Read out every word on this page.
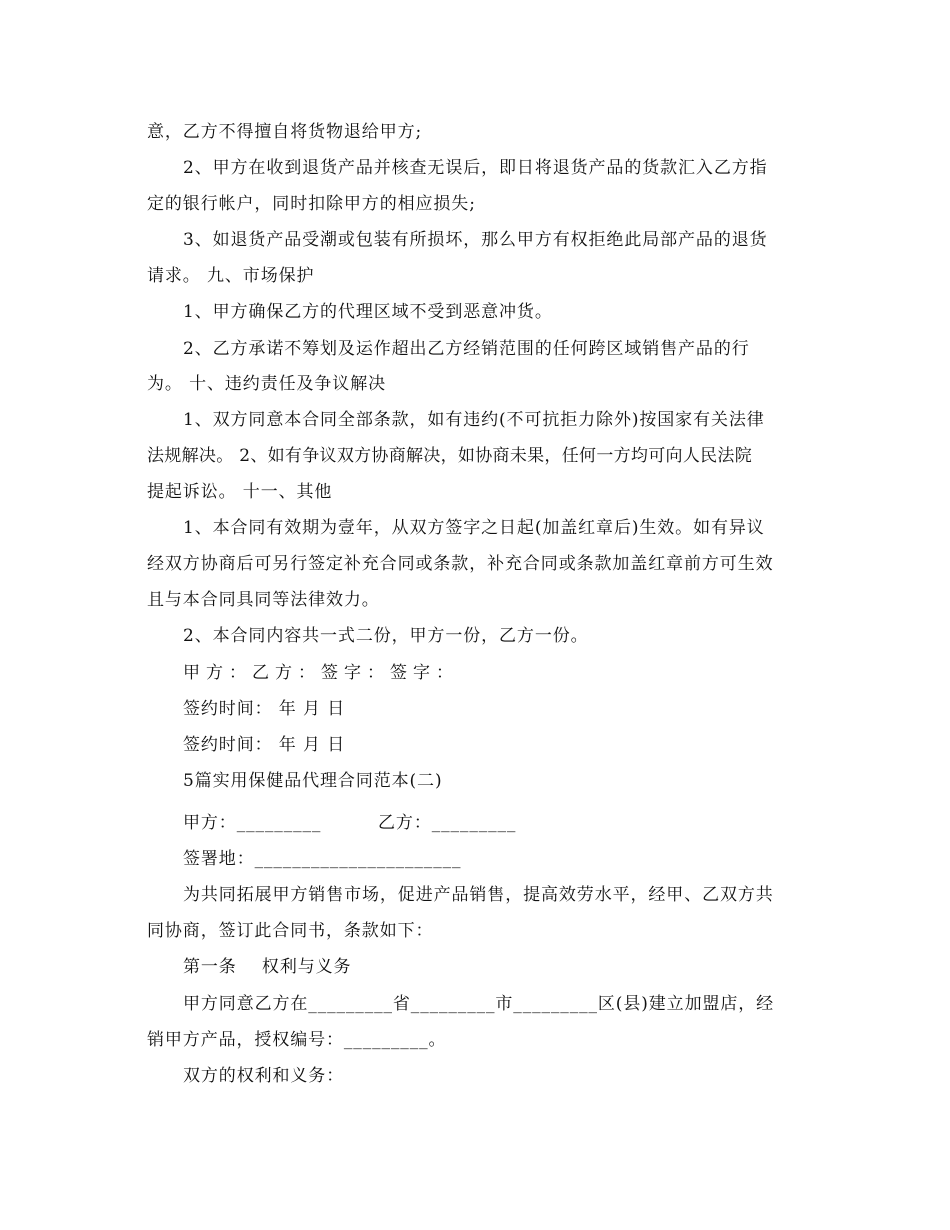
意，乙方不得擅自将货物退给甲方;
2、甲方在收到退货产品并核查无误后，即日将退货产品的货款汇入乙方指
定的银行帐户，同时扣除甲方的相应损失;
3、如退货产品受潮或包装有所损坏，那么甲方有权拒绝此局部产品的退货
请求。 九、市场保护
1、甲方确保乙方的代理区域不受到恶意冲货。
2、乙方承诺不筹划及运作超出乙方经销范围的任何跨区域销售产品的行
为。 十、违约责任及争议解决
1、双方同意本合同全部条款，如有违约(不可抗拒力除外)按国家有关法律
法规解决。 2、如有争议双方协商解决，如协商未果，任何一方均可向人民法院
提起诉讼。 十一、其他
1、本合同有效期为壹年，从双方签字之日起(加盖红章后)生效。如有异议
经双方协商后可另行签定补充合同或条款，补充合同或条款加盖红章前方可生效
且与本合同具同等法律效力。
2、本合同内容共一式二份，甲方一份，乙方一份。
甲方：乙方：签字：签字：
签约时间： 年 月 日
签约时间： 年 月 日
5篇实用保健品代理合同范本(二)
甲方：_________         乙方：_________
签署地：______________________
为共同拓展甲方销售市场，促进产品销售，提高效劳水平，经甲、乙双方共
同协商，签订此合同书，条款如下：
第一条    权利与义务
甲方同意乙方在_________省_________市_________区(县)建立加盟店，经
销甲方产品，授权编号：_________。
双方的权利和义务：
